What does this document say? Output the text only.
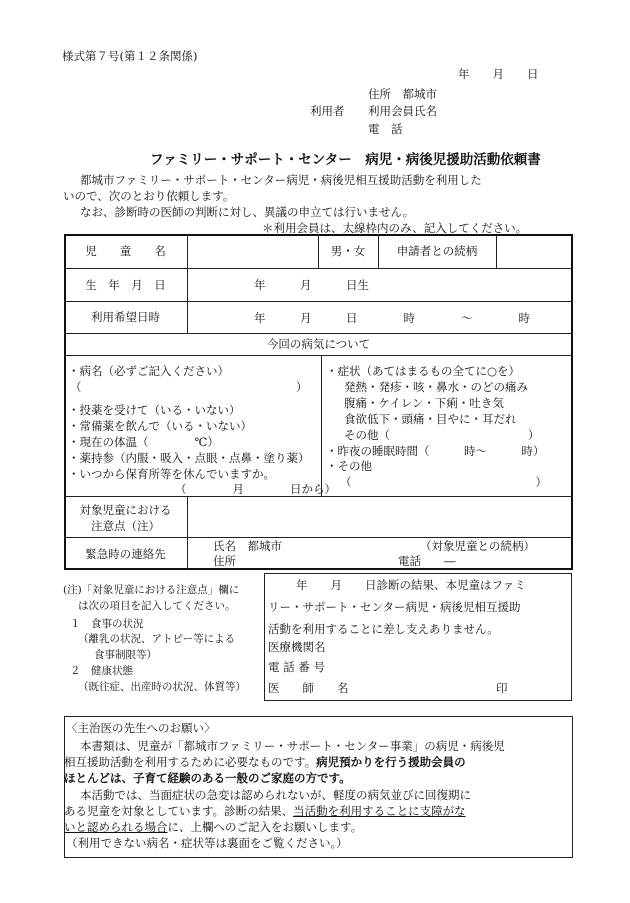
様式第７号(第１２条関係)
年　　月　　日
住所　都城市
利用者 利用会員氏名
電　話
ファミリー・サポート・センター　病児・病後児援助活動依頼書
都城市ファミリー・サポート・センター病児・病後児相互援助活動を利用した
いので、次のとおり依頼します。
なお、診断時の医師の判断に対し、異議の申立ては行いません。
＊利用会員は、太線枠内のみ、記入してください。
児　　童　　名	男・女	申請者との続柄
生　年　月　日	年　　　月　　　日生
利用希望日時	年　　　月　　　日　　　　時　　　　〜　　　　時
今回の病気について
・病名（必ずご記入ください）
（	）
・投薬を受けて（いる・いない）
・常備薬を飲んで（いる・いない）
・現在の体温（　　　　℃）
・薬持参（内服・吸入・点眼・点鼻・塗り薬）
・いつから保育所等を休んでいますか。
（　　　　月　　　　日から）
・症状（あてはまるもの全てに○を）
発熱・発疹・咳・鼻水・のどの痛み
腹痛・ケイレン・下痢・吐き気
食欲低下・頭痛・目やに・耳だれ
その他（　　　　　　　　　　　　）
・昨夜の睡眠時間（　　　時〜　　　時）
・その他
（　　　　　　　　　　　　　　　　）
対象児童における
注意点（注）
緊急時の連絡先
氏名　都城市	（対象児童との続柄）
住所	電話　　―
(注)「対象児童における注意点」欄に
は次の項目を記入してください。
１　食事の状況
（離乳の状況、アトピー等による
食事制限等）
２　健康状態
（既往症、出産時の状況、体質等）
年　　月　　日診断の結果、本児童はファミ
リー・サポート・センター病児・病後児相互援助
活動を利用することに差し支えありません。
医療機関名
電 話 番 号
医　　師　　名	印
〈主治医の先生へのお願い〉
本書類は、児童が「都城市ファミリー・サポート・センター事業」の病児・病後児
相互援助活動を利用するために必要なものです。病児預かりを行う援助会員の
ほとんどは、子育て経験のある一般のご家庭の方です。
本活動では、当面症状の急変は認められないが、軽度の病気並びに回復期に
ある児童を対象としています。診断の結果、当活動を利用することに支障がな
いと認められる場合に、上欄へのご記入をお願いします。
（利用できない病名・症状等は裏面をご覧ください。）
